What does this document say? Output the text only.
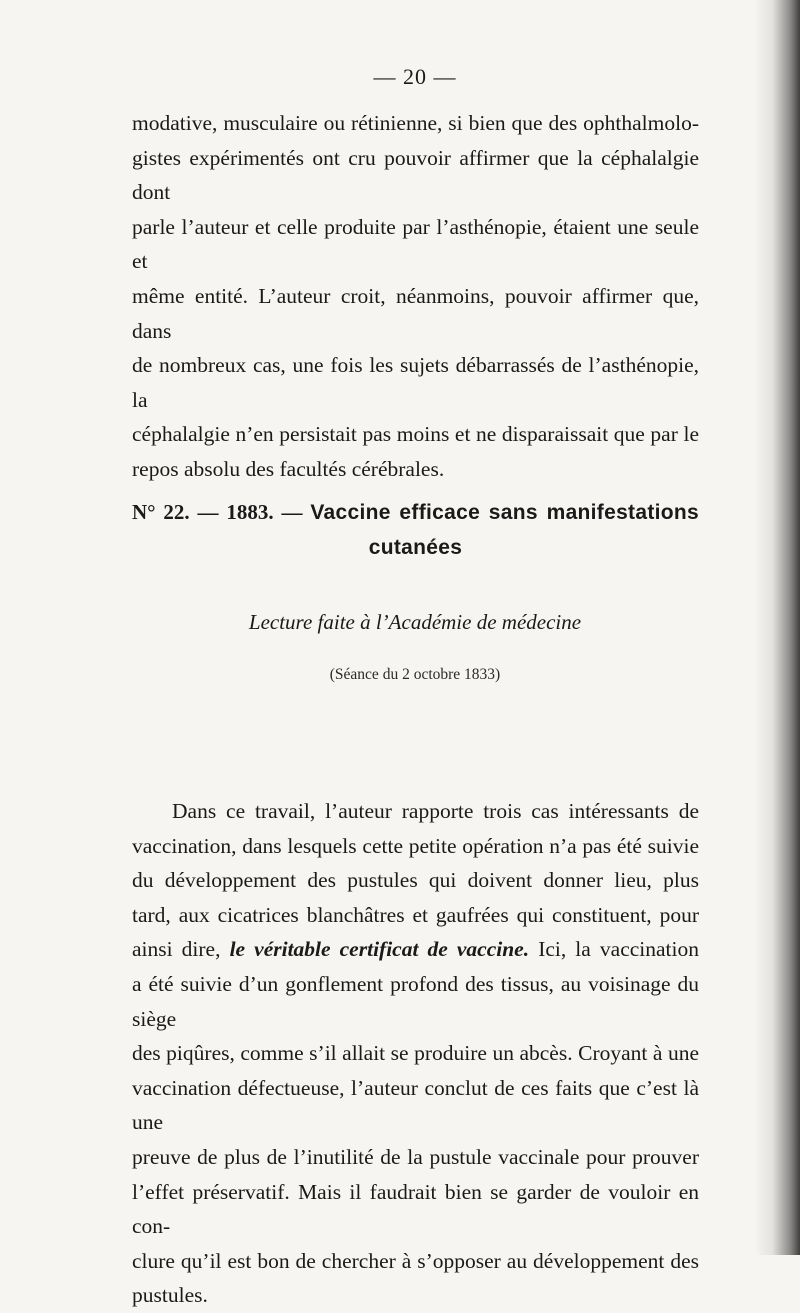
— 20 —

modative, musculaire ou rétinienne, si bien que des ophthalmolo-
gistes expérimentés ont cru pouvoir affirmer que la céphalalgie dont
parle l’auteur et celle produite par l’asthénopie, étaient une seule et
même entité. L’auteur croit, néanmoins, pouvoir affirmer que, dans
de nombreux cas, une fois les sujets débarrassés de l’asthénopie, la
céphalalgie n’en persistait pas moins et ne disparaissait que par le
repos absolu des facultés cérébrales.

N° 22. — 1883. — Vaccine efficace sans manifestations
cutanées
Lecture faite à l’Académie de médecine
(Séance du 2 octobre 1833)

Dans ce travail, l’auteur rapporte trois cas intéressants de
vaccination, dans lesquels cette petite opération n’a pas été suivie
du développement des pustules qui doivent donner lieu, plus
tard, aux cicatrices blanchâtres et gaufrées qui constituent, pour
ainsi dire, le véritable certificat de vaccine. Ici, la vaccination
a été suivie d’un gonflement profond des tissus, au voisinage du siège
des piqûres, comme s’il allait se produire un abcès. Croyant à une
vaccination défectueuse, l’auteur conclut de ces faits que c’est là une
preuve de plus de l’inutilité de la pustule vaccinale pour prouver
l’effet préservatif. Mais il faudrait bien se garder de vouloir en con-
clure qu’il est bon de chercher à s’opposer au développement des
pustules.
